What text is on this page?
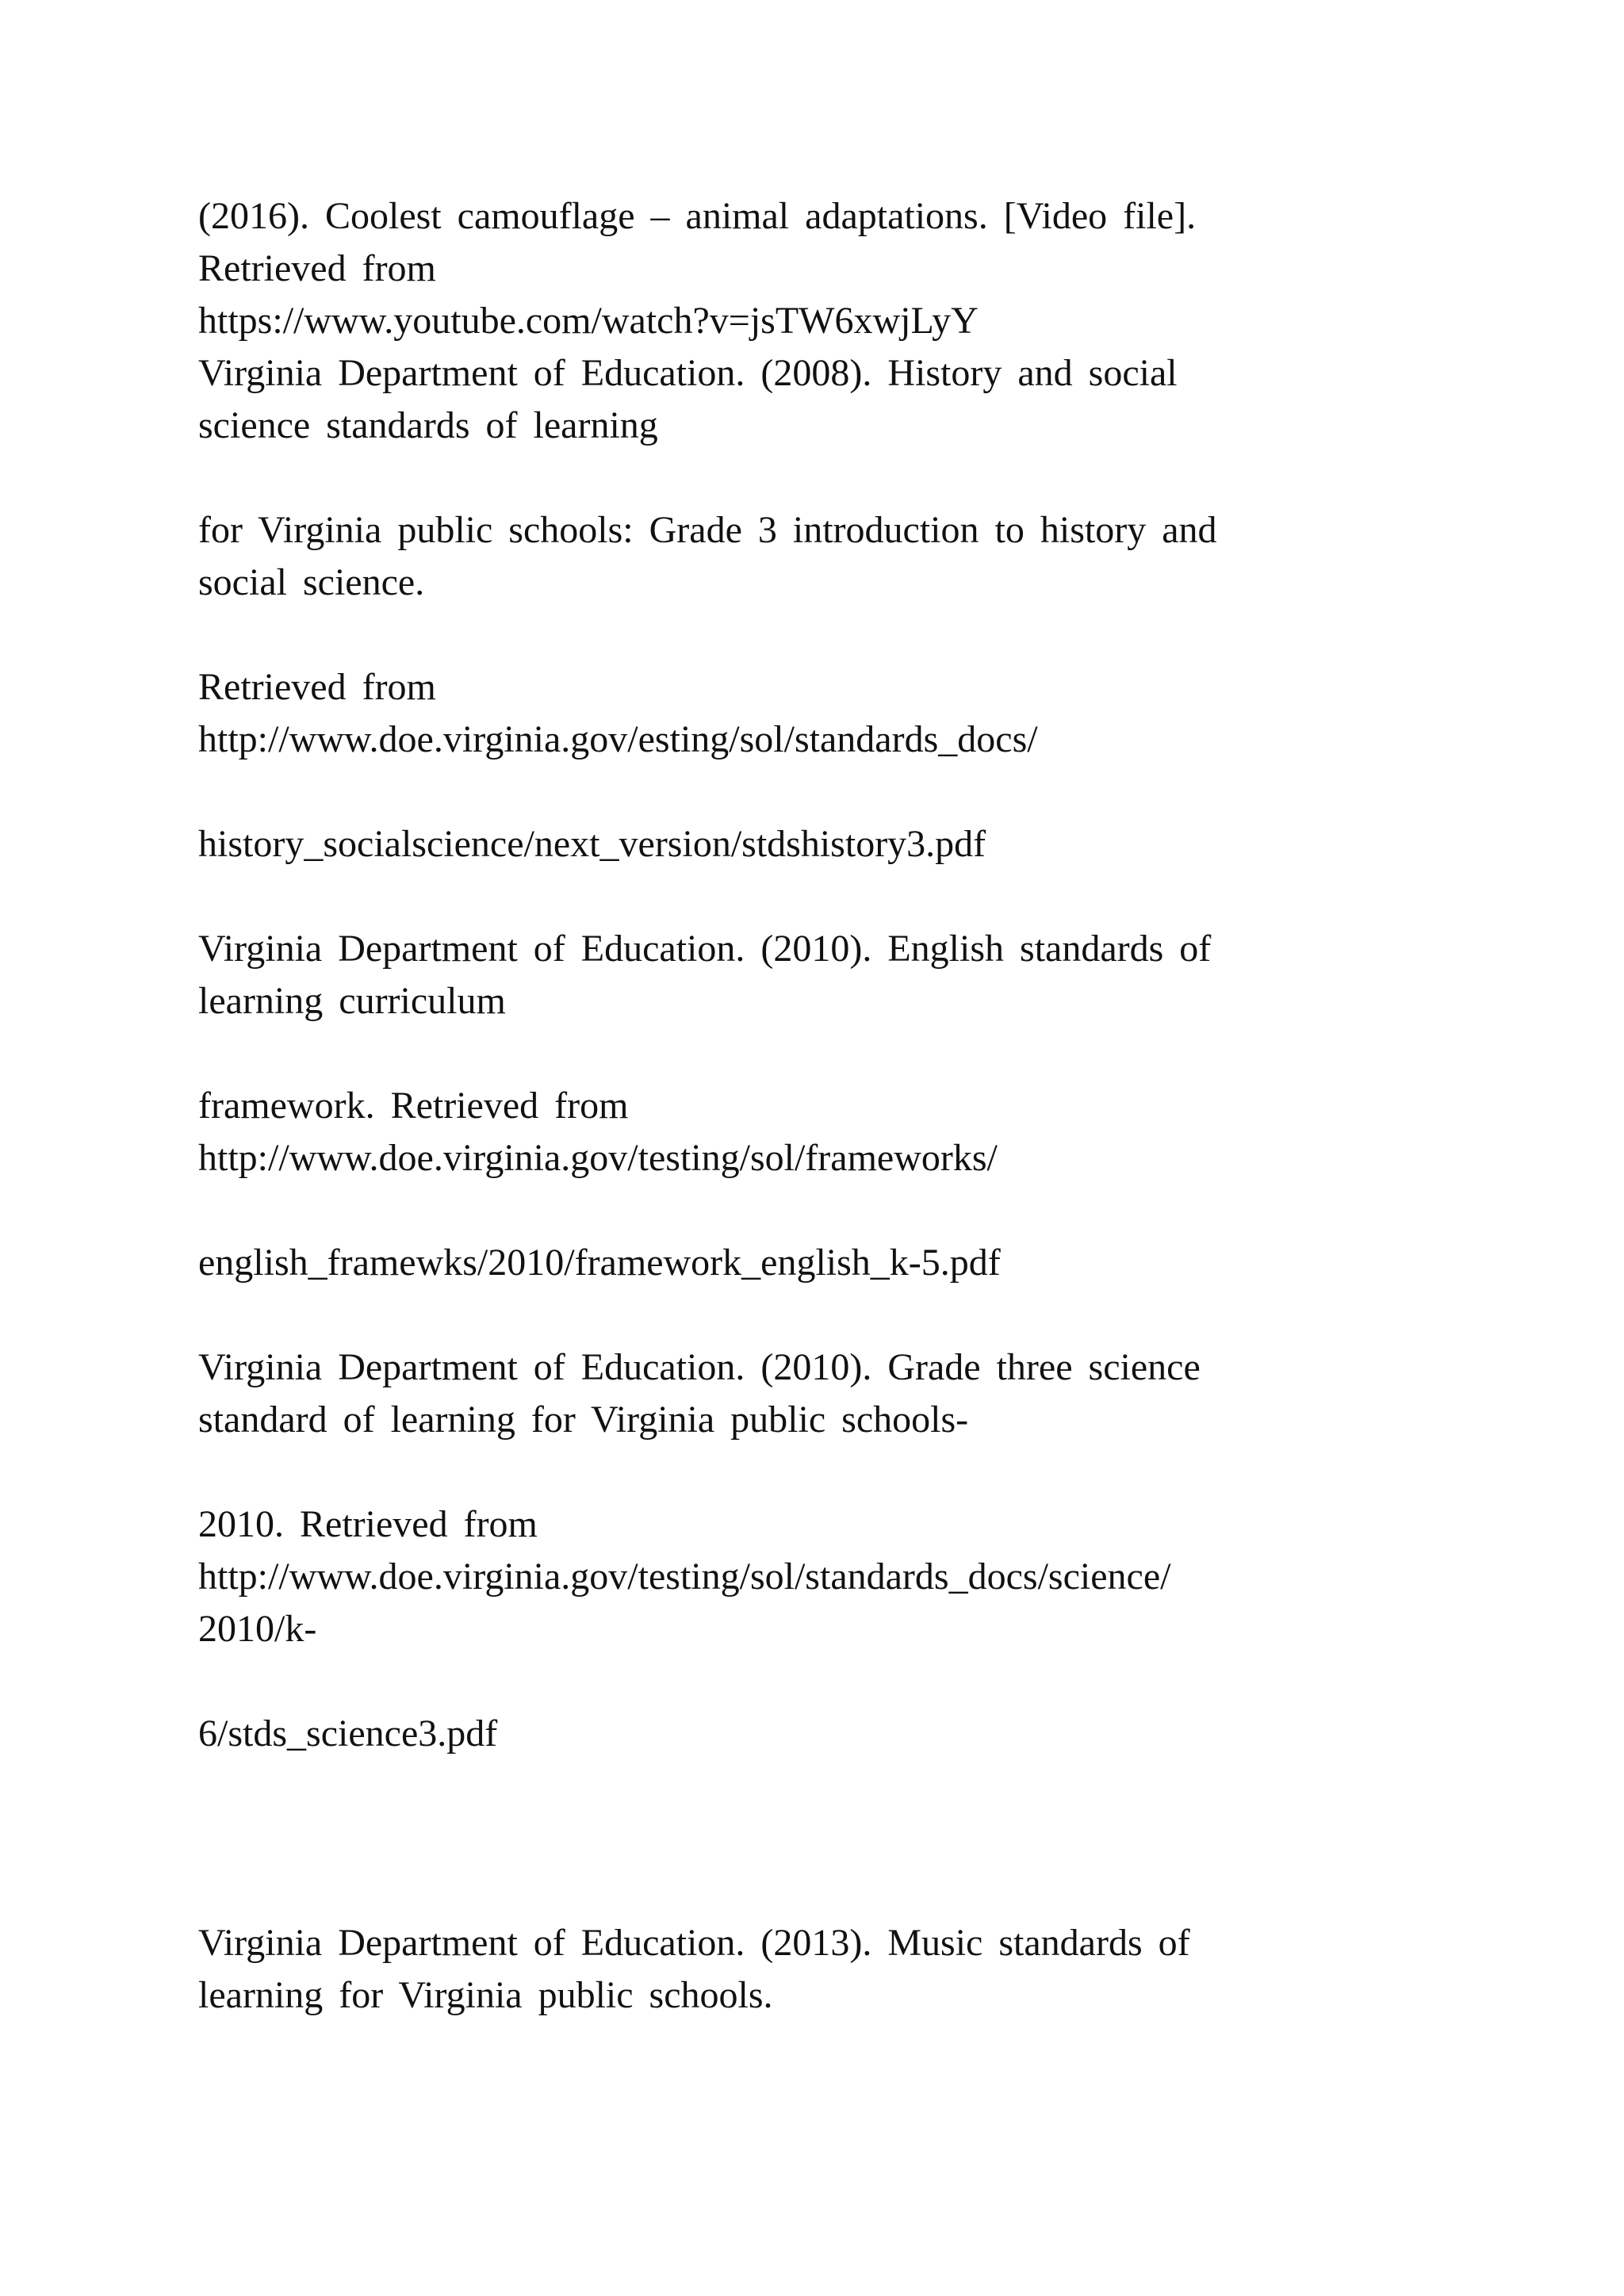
(2016). Coolest camouflage – animal adaptations. [Video file].
Retrieved from
https://www.youtube.com/watch?v=jsTW6xwjLyY
Virginia Department of Education. (2008). History and social
science standards of learning
for Virginia public schools: Grade 3 introduction to history and
social science.
Retrieved from
http://www.doe.virginia.gov/esting/sol/standards_docs/
history_socialscience/next_version/stdshistory3.pdf
Virginia Department of Education. (2010). English standards of
learning curriculum
framework. Retrieved from
http://www.doe.virginia.gov/testing/sol/frameworks/
english_framewks/2010/framework_english_k-5.pdf
Virginia Department of Education. (2010). Grade three science
standard of learning for Virginia public schools-
2010. Retrieved from
http://www.doe.virginia.gov/testing/sol/standards_docs/science/
2010/k-
6/stds_science3.pdf
Virginia Department of Education. (2013). Music standards of
learning for Virginia public schools.
